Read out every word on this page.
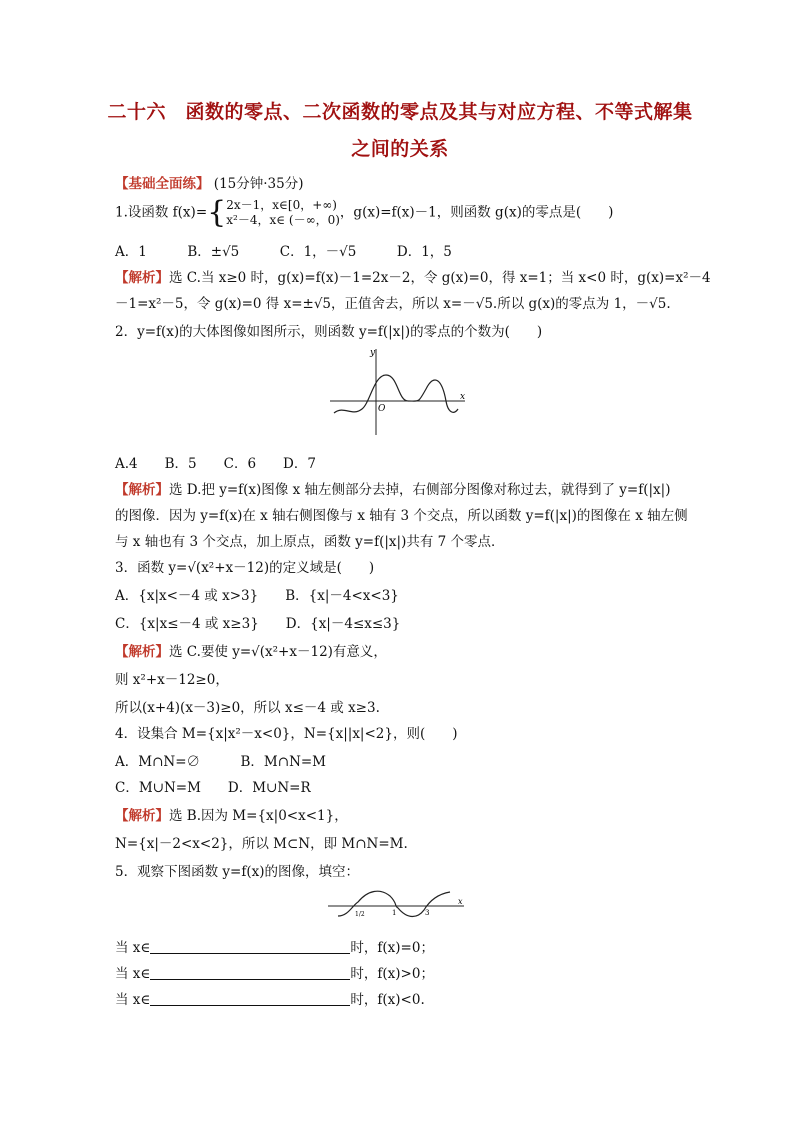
二十六　函数的零点、二次函数的零点及其与对应方程、不等式解集
之间的关系
【基础全面练】 (15分钟·35分)
1.设函数 f(x)={2x－1，x∈[0，+∞)
x²－4，x∈ (－∞，0)，g(x)=f(x)－1，则函数 g(x)的零点是(　　)
A．1　　　B．±√5　　　C．1，－√5　　　D．1，5
【解析】选 C.当 x≥0 时，g(x)=f(x)－1=2x－2，令 g(x)=0，得 x=1；当 x<0 时，g(x)=x²－4
－1=x²－5，令 g(x)=0 得 x=±√5，正值舍去，所以 x=－√5.所以 g(x)的零点为 1，－√5.
2．y=f(x)的大体图像如图所示，则函数 y=f(|x|)的零点的个数为(　　)
y
x
O
A.4　　B．5　　C．6　　D．7
【解析】选 D.把 y=f(x)图像 x 轴左侧部分去掉，右侧部分图像对称过去，就得到了 y=f(|x|)
的图像．因为 y=f(x)在 x 轴右侧图像与 x 轴有 3 个交点，所以函数 y=f(|x|)的图像在 x 轴左侧
与 x 轴也有 3 个交点，加上原点，函数 y=f(|x|)共有 7 个零点．
3．函数 y=√(x²+x－12)的定义域是(　　)
A．{x|x<－4 或 x>3}　　B．{x|－4<x<3}
C．{x|x≤－4 或 x≥3}　　D．{x|－4≤x≤3}
【解析】选 C.要使 y=√(x²+x－12)有意义，
则 x²+x－12≥0，
所以(x+4)(x－3)≥0，所以 x≤－4 或 x≥3.
4．设集合 M={x|x²－x<0}，N={x||x|<2}，则(　　)
A．M∩N=∅　　　B．M∩N=M
C．M∪N=M　　D．M∪N=R
【解析】选 B.因为 M={x|0<x<1}，
N={x|－2<x<2}，所以 M⊂N，即 M∩N=M.
5．观察下图函数 y=f(x)的图像，填空：
1/2	1	3
x
当 x∈	时，f(x)=0；
当 x∈	时，f(x)>0；
当 x∈	时，f(x)<0.
